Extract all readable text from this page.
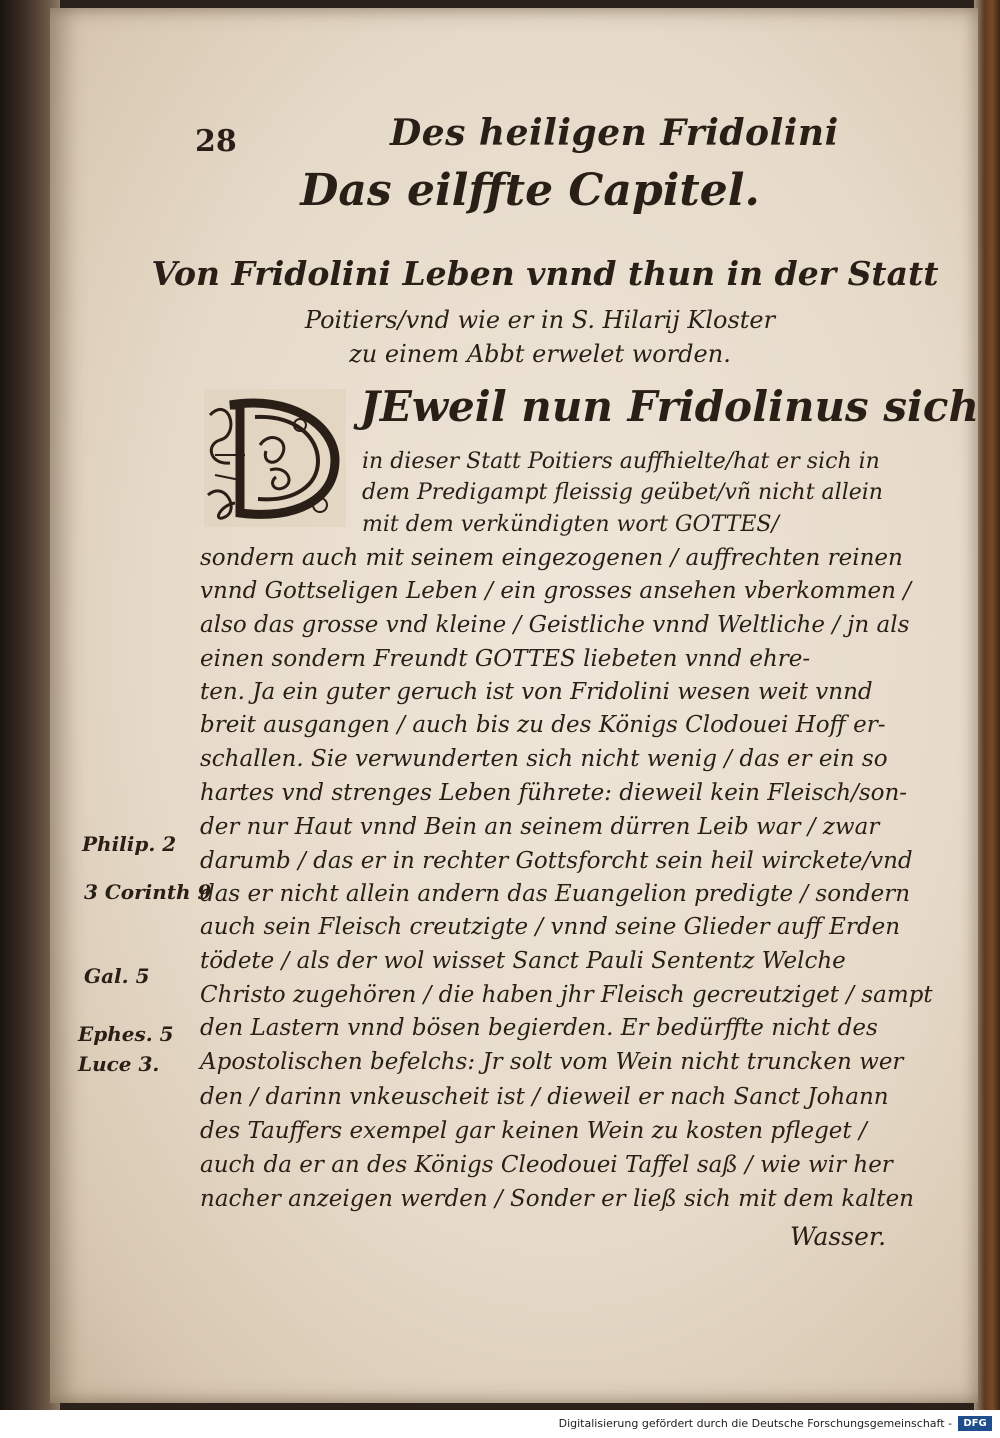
28	Des heiligen Fridolini
Das eilffte Capitel.
Von Fridolini Leben vnnd thun in der Statt
Poitiers/vnd wie er in S. Hilarij Kloster
zu einem Abbt erwelet worden.
JEweil nun Fridolinus sich
in dieser Statt Poitiers auffhielte/hat er sich in
dem Predigampt fleissig geübet/vñ nicht allein
mit dem verkündigten wort GOTTES/
sondern auch mit seinem eingezogenen / auffrechten reinen
vnnd Gottseligen Leben / ein grosses ansehen vberkommen /
also das grosse vnd kleine / Geistliche vnnd Weltliche / jn als
einen sondern Freundt GOTTES liebeten vnnd ehre-
ten. Ja ein guter geruch ist von Fridolini wesen weit vnnd
breit ausgangen / auch bis zu des Königs Clodouei Hoff er-
schallen. Sie verwunderten sich nicht wenig / das er ein so
hartes vnd strenges Leben führete: dieweil kein Fleisch/son-
der nur Haut vnnd Bein an seinem dürren Leib war / zwar
darumb / das er in rechter Gottsforcht sein heil wirckete/vnd
das er nicht allein andern das Euangelion predigte / sondern
auch sein Fleisch creutzigte / vnnd seine Glieder auff Erden
tödete / als der wol wisset Sanct Pauli Sententz Welche
Christo zugehören / die haben jhr Fleisch gecreutziget / sampt
den Lastern vnnd bösen begierden. Er bedürffte nicht des
Apostolischen befelchs: Jr solt vom Wein nicht truncken wer
den / darinn vnkeuscheit ist / dieweil er nach Sanct Johann
des Tauffers exempel gar keinen Wein zu kosten pfleget /
auch da er an des Königs Cleodouei Taffel saß / wie wir her
nacher anzeigen werden / Sonder er ließ sich mit dem kalten
Wasser.
Philip. 2
3 Corinth 9
Gal. 5
Ephes. 5
Luce 3.
Digitalisierung gefördert durch die Deutsche Forschungsgemeinschaft -	DFG
